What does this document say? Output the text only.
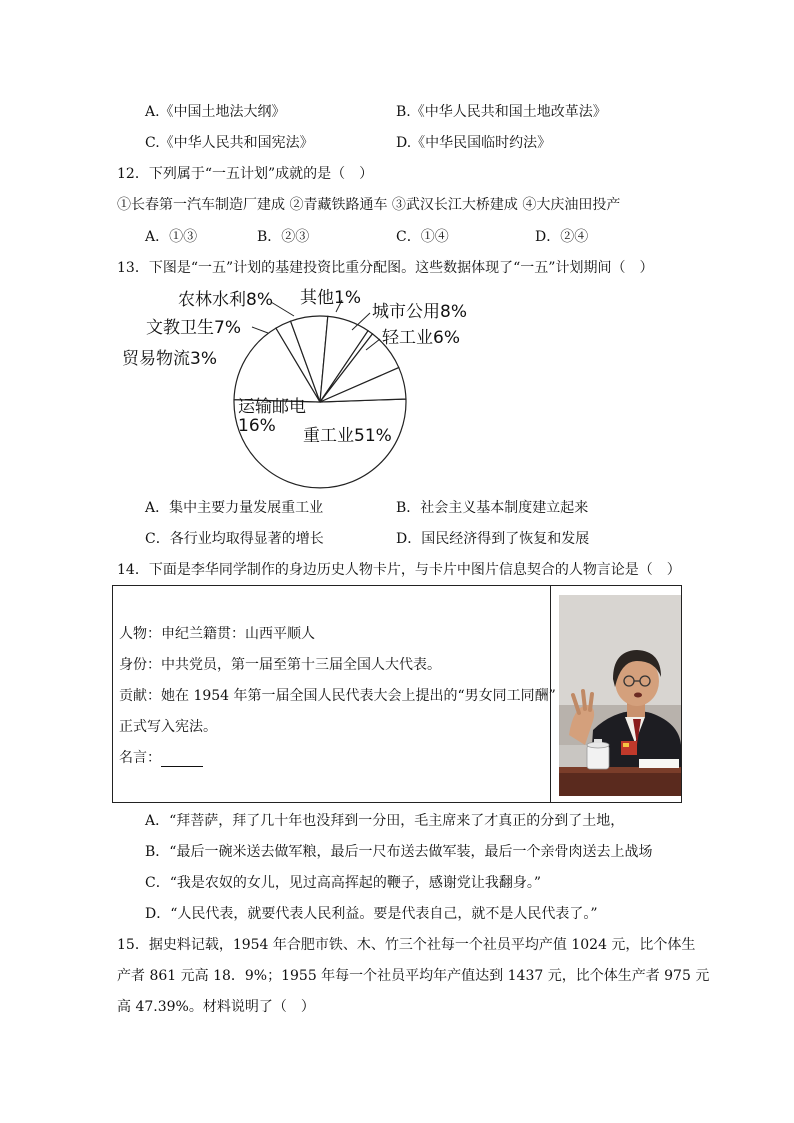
A.《中国土地法大纲》	B.《中华人民共和国土地改革法》
C.《中华人民共和国宪法》	D.《中华民国临时约法》
12．下列属于“一五计划”成就的是（　）
①长春第一汽车制造厂建成 ②青藏铁路通车 ③武汉长江大桥建成 ④大庆油田投产
A．①③	B．②③	C．①④	D．②④
13．下图是“一五”计划的基建投资比重分配图。这些数据体现了“一五”计划期间（　）
农林水利8% 其他1%
城市公用8%
文教卫生7%	轻工业6%
贸易物流3%
运输邮电
16% 重工业51%
A．集中主要力量发展重工业	B．社会主义基本制度建立起来
C．各行业均取得显著的增长	D．国民经济得到了恢复和发展
14．下面是李华同学制作的身边历史人物卡片，与卡片中图片信息契合的人物言论是（　）
人物：申纪兰籍贯：山西平顺人
身份：中共党员，第一届至第十三届全国人大代表。
贡献：她在 1954 年第一届全国人民代表大会上提出的“男女同工同酬”
正式写入宪法。
名言：
A．“拜菩萨，拜了几十年也没拜到一分田，毛主席来了才真正的分到了土地，
B．“最后一碗米送去做军粮，最后一尺布送去做军装，最后一个亲骨肉送去上战场
C．“我是农奴的女儿，见过高高挥起的鞭子，感谢党让我翻身。”
D．“人民代表，就要代表人民利益。要是代表自己，就不是人民代表了。”
15．据史料记载，1954 年合肥市铁、木、竹三个社每一个社员平均产值 1024 元，比个体生
产者 861 元高 18．9%；1955 年每一个社员平均年产值达到 1437 元，比个体生产者 975 元
高 47.39%。材料说明了（　）
